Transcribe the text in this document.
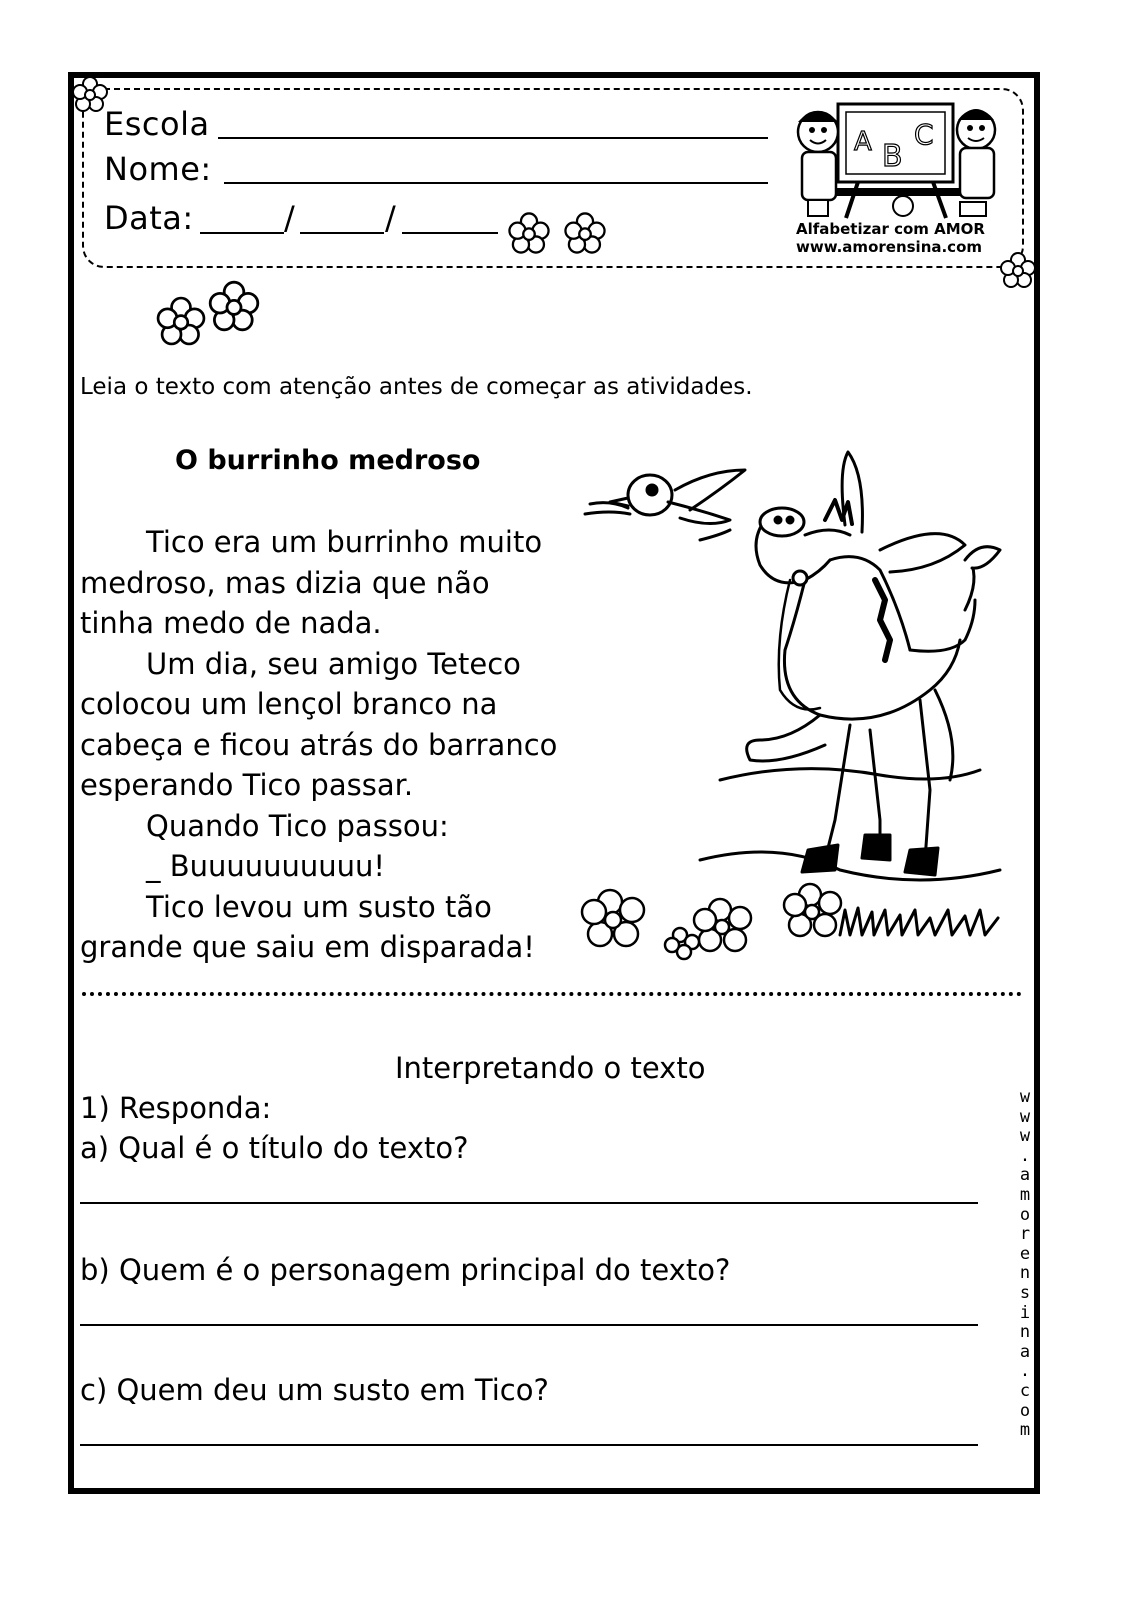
Escola
Nome:
Data:	/	/
A B
C
Alfabetizar com AMOR
www.amorensina.com
Leia o texto com atenção antes de começar as atividades.
O burrinho medroso

Tico era um burrinho muito

medroso, mas dizia que não

tinha medo de nada.

Um dia, seu amigo Teteco

colocou um lençol branco na

cabeça e ficou atrás do barranco

esperando Tico passar.

Quando Tico passou:

_ Buuuuuuuuuu!

Tico levou um susto tão

grande que saiu em disparada!

Interpretando o texto
1) Responda:
a) Qual é o título do texto?
b) Quem é o personagem principal do texto?
c) Quem deu um susto em Tico?
w
w
w
.
a
m
o
r
e
n
s
i
n
a
.
c
o
m
